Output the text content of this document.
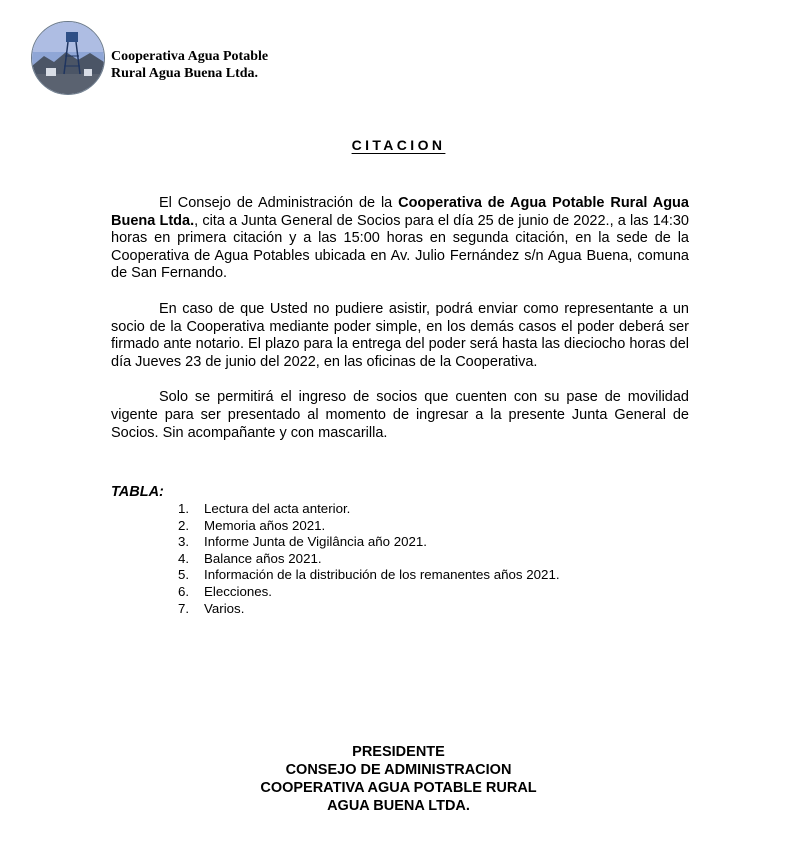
Cooperativa Agua Potable
Rural Agua Buena Ltda.
CITACION

El Consejo de Administración de la Cooperativa de Agua Potable Rural Agua Buena Ltda., cita a Junta General de Socios para el día 25 de junio de 2022., a las 14:30 horas en primera citación y a las 15:00 horas en segunda citación, en la sede de la Cooperativa de Agua Potables ubicada en Av. Julio Fernández s/n Agua Buena, comuna de San Fernando.

En caso de que Usted no pudiere asistir, podrá enviar como representante a un socio de la Cooperativa mediante poder simple, en los demás casos el poder deberá ser firmado ante notario. El plazo para la entrega del poder será hasta las dieciocho horas del día Jueves 23 de junio del 2022, en las oficinas de la Cooperativa.

Solo se permitirá el ingreso de socios que cuenten con su pase de movilidad vigente para ser presentado al momento de ingresar a la presente Junta General de Socios. Sin acompañante y con mascarilla.

TABLA:
1.	Lectura del acta anterior.
2.	Memoria años 2021.
3.	Informe Junta de Vigilância año 2021.
4.	Balance años 2021.
5.	Información de la distribución de los remanentes años 2021.
6.	Elecciones.
7.	Varios.
PRESIDENTE
CONSEJO DE ADMINISTRACION
COOPERATIVA AGUA POTABLE RURAL
AGUA BUENA LTDA.
